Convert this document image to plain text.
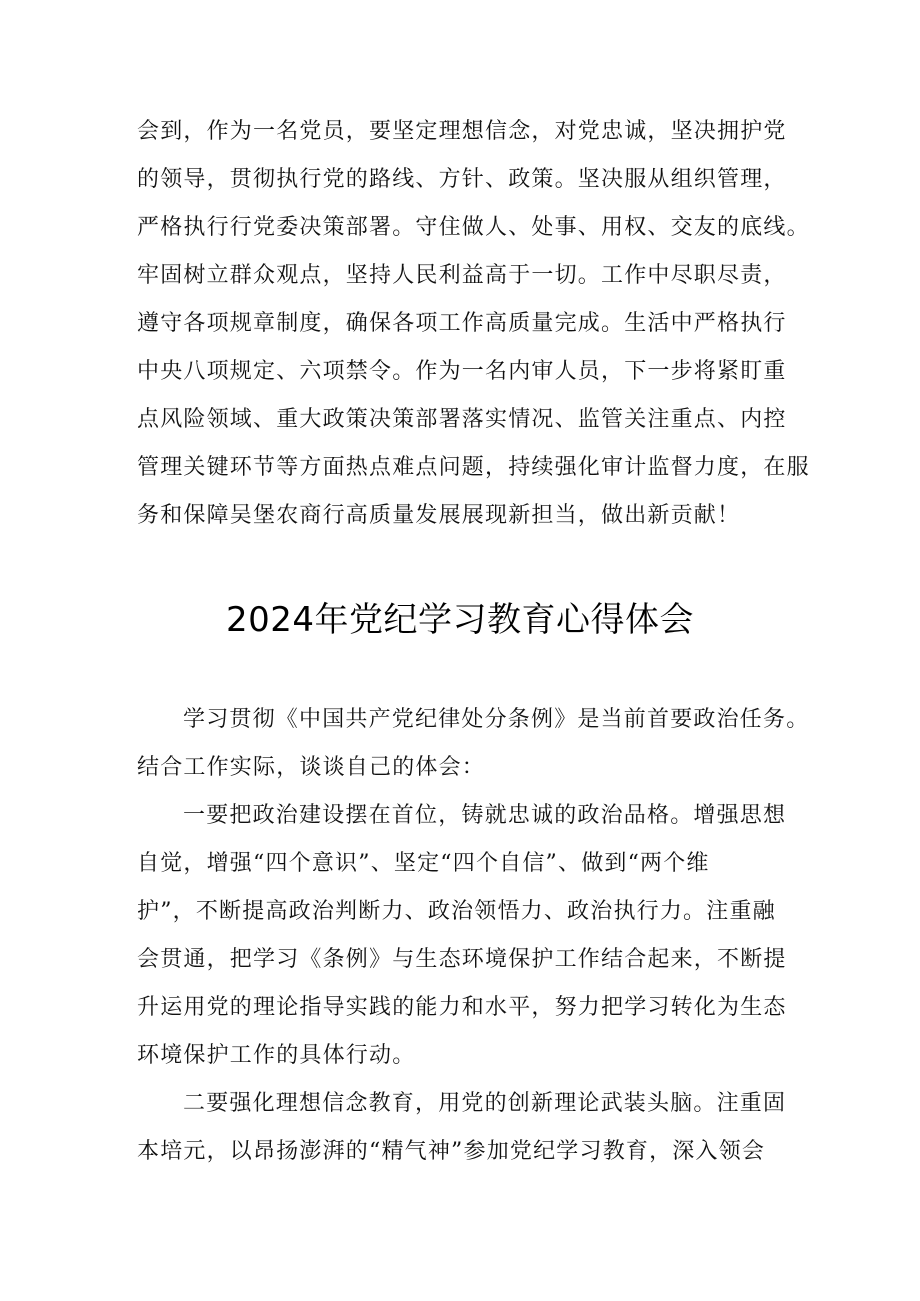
会到，作为一名党员，要坚定理想信念，对党忠诚，坚决拥护党
的领导，贯彻执行党的路线、方针、政策。坚决服从组织管理，
严格执行行党委决策部署。守住做人、处事、用权、交友的底线。
牢固树立群众观点，坚持人民利益高于一切。工作中尽职尽责，
遵守各项规章制度，确保各项工作高质量完成。生活中严格执行
中央八项规定、六项禁令。作为一名内审人员，下一步将紧盯重
点风险领域、重大政策决策部署落实情况、监管关注重点、内控
管理关键环节等方面热点难点问题，持续强化审计监督力度，在服
务和保障吴堡农商行高质量发展展现新担当，做出新贡献！
2024年党纪学习教育心得体会
学习贯彻《中国共产党纪律处分条例》是当前首要政治任务。
结合工作实际，谈谈自己的体会：
一要把政治建设摆在首位，铸就忠诚的政治品格。增强思想
自觉，增强“四个意识”、坚定“四个自信”、做到“两个维
护”，不断提高政治判断力、政治领悟力、政治执行力。注重融
会贯通，把学习《条例》与生态环境保护工作结合起来，不断提
升运用党的理论指导实践的能力和水平，努力把学习转化为生态
环境保护工作的具体行动。
二要强化理想信念教育，用党的创新理论武装头脑。注重固
本培元，以昂扬澎湃的“精气神”参加党纪学习教育，深入领会
